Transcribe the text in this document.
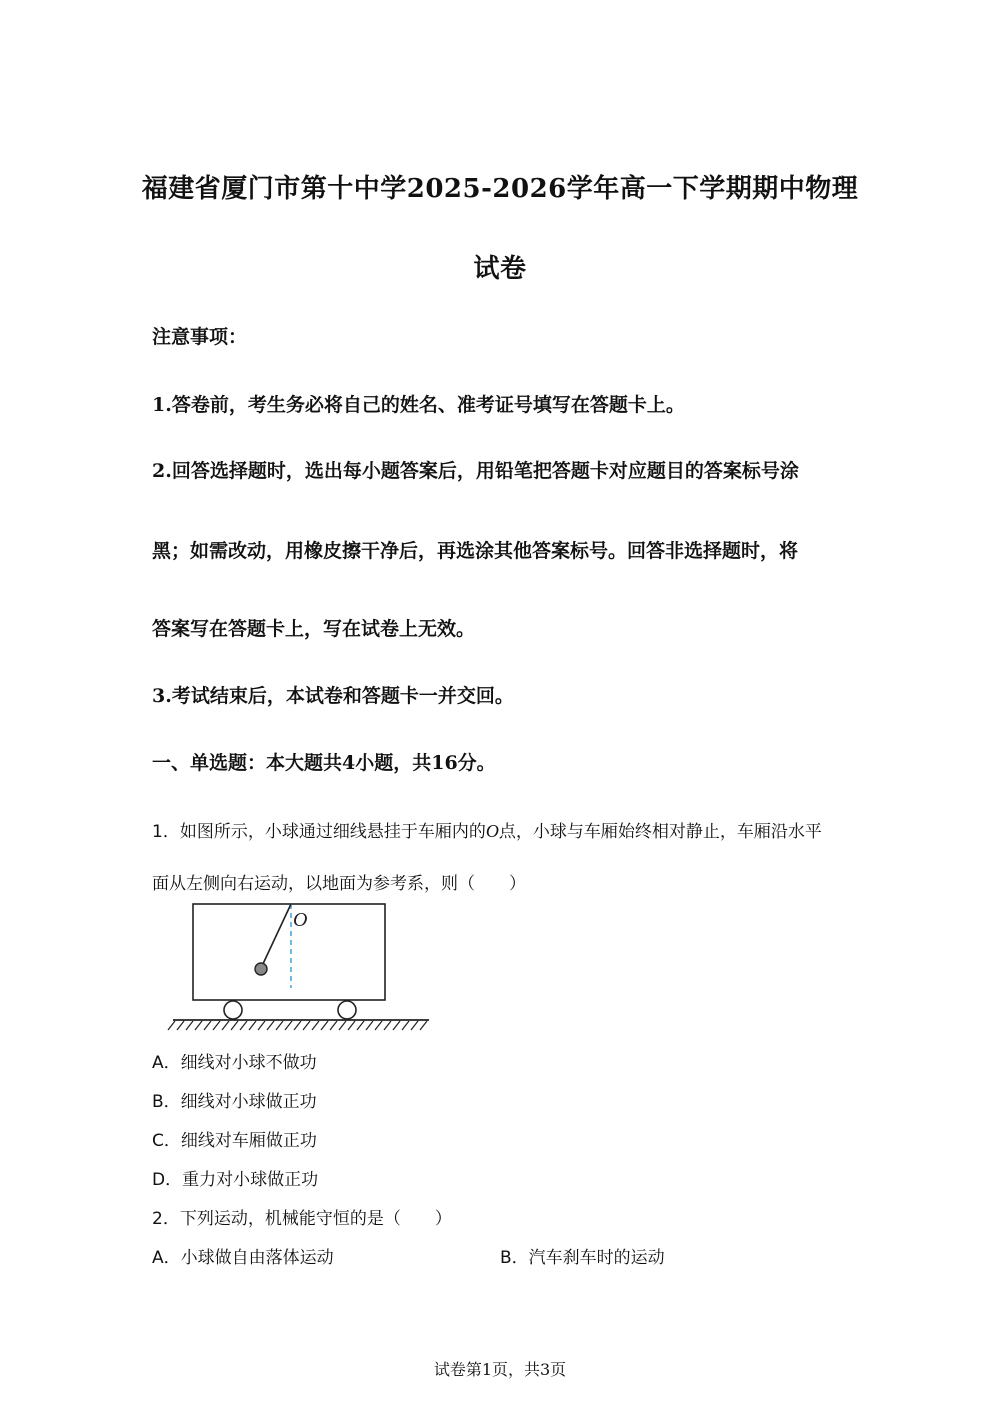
福建省厦门市第十中学2025-2026学年高一下学期期中物理
试卷
注意事项：
1.答卷前，考生务必将自己的姓名、准考证号填写在答题卡上。
2.回答选择题时，选出每小题答案后，用铅笔把答题卡对应题目的答案标号涂
黑；如需改动，用橡皮擦干净后，再选涂其他答案标号。回答非选择题时，将
答案写在答题卡上，写在试卷上无效。
3.考试结束后，本试卷和答题卡一并交回。
一、单选题：本大题共4小题，共16分。
1．如图所示，小球通过细线悬挂于车厢内的O点，小球与车厢始终相对静止，车厢沿水平
面从左侧向右运动，以地面为参考系，则（　　）
O
A．细线对小球不做功
B．细线对小球做正功
C．细线对车厢做正功
D．重力对小球做正功
2．下列运动，机械能守恒的是（　　）
A．小球做自由落体运动	B．汽车刹车时的运动
试卷第1页，共3页
